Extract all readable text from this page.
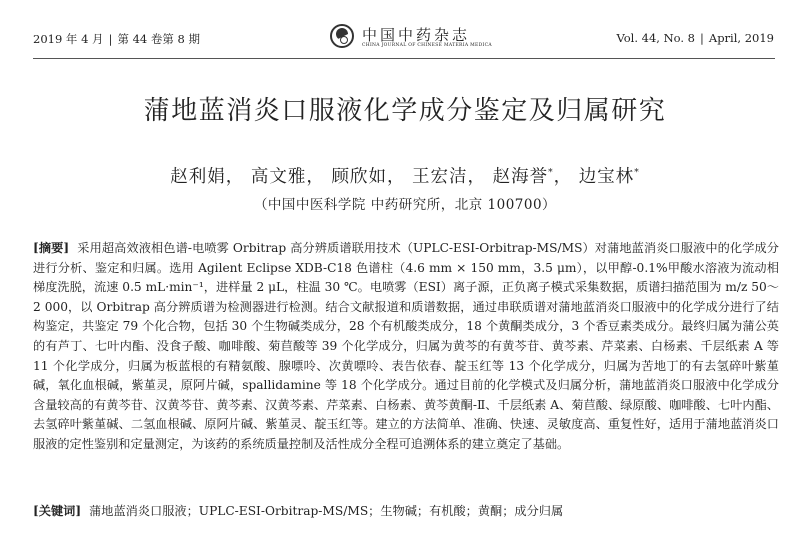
2019 年 4 月 | 第 44 卷第 8 期	中国中药杂志
CHINA JOURNAL OF CHINESE MATERIA MEDICA
Vol. 44, No. 8 | April, 2019
蒲地蓝消炎口服液化学成分鉴定及归属研究
赵利娟， 高文雅， 顾欣如， 王宏洁， 赵海誉*， 边宝林*
（中国中医科学院 中药研究所，北京 100700）
[摘要] 采用超高效液相色谱-电喷雾 Orbitrap 高分辨质谱联用技术（UPLC-ESI-Orbitrap-MS/MS）对蒲地蓝消炎口服液中的化学成分进行分析、鉴定和归属。选用 Agilent Eclipse XDB-C18 色谱柱（4.6 mm × 150 mm，3.5 μm），以甲醇-0.1%甲酸水溶液为流动相梯度洗脱，流速 0.5 mL·min⁻¹，进样量 2 μL，柱温 30 ℃。电喷雾（ESI）离子源，正负离子模式采集数据，质谱扫描范围为 m/z 50～2 000，以 Orbitrap 高分辨质谱为检测器进行检测。结合文献报道和质谱数据，通过串联质谱对蒲地蓝消炎口服液中的化学成分进行了结构鉴定，共鉴定 79 个化合物，包括 30 个生物碱类成分，28 个有机酸类成分，18 个黄酮类成分，3 个香豆素类成分。最终归属为蒲公英的有芦丁、七叶内酯、没食子酸、咖啡酸、菊苣酸等 39 个化学成分，归属为黄芩的有黄芩苷、黄芩素、芹菜素、白杨素、千层纸素 A 等 11 个化学成分，归属为板蓝根的有精氨酸、腺嘌呤、次黄嘌呤、表告依春、靛玉红等 13 个化学成分，归属为苦地丁的有去氢碎叶紫堇碱，氧化血根碱，紫堇灵，原阿片碱，spallidamine 等 18 个化学成分。通过目前的化学模式及归属分析，蒲地蓝消炎口服液中化学成分含量较高的有黄芩苷、汉黄芩苷、黄芩素、汉黄芩素、芹菜素、白杨素、黄芩黄酮-Ⅱ、千层纸素 A、菊苣酸、绿原酸、咖啡酸、七叶内酯、去氢碎叶紫堇碱、二氢血根碱、原阿片碱、紫堇灵、靛玉红等。建立的方法简单、准确、快速、灵敏度高、重复性好，适用于蒲地蓝消炎口服液的定性鉴别和定量测定，为该药的系统质量控制及活性成分全程可追溯体系的建立奠定了基础。
[关键词] 蒲地蓝消炎口服液；UPLC-ESI-Orbitrap-MS/MS；生物碱；有机酸；黄酮；成分归属
